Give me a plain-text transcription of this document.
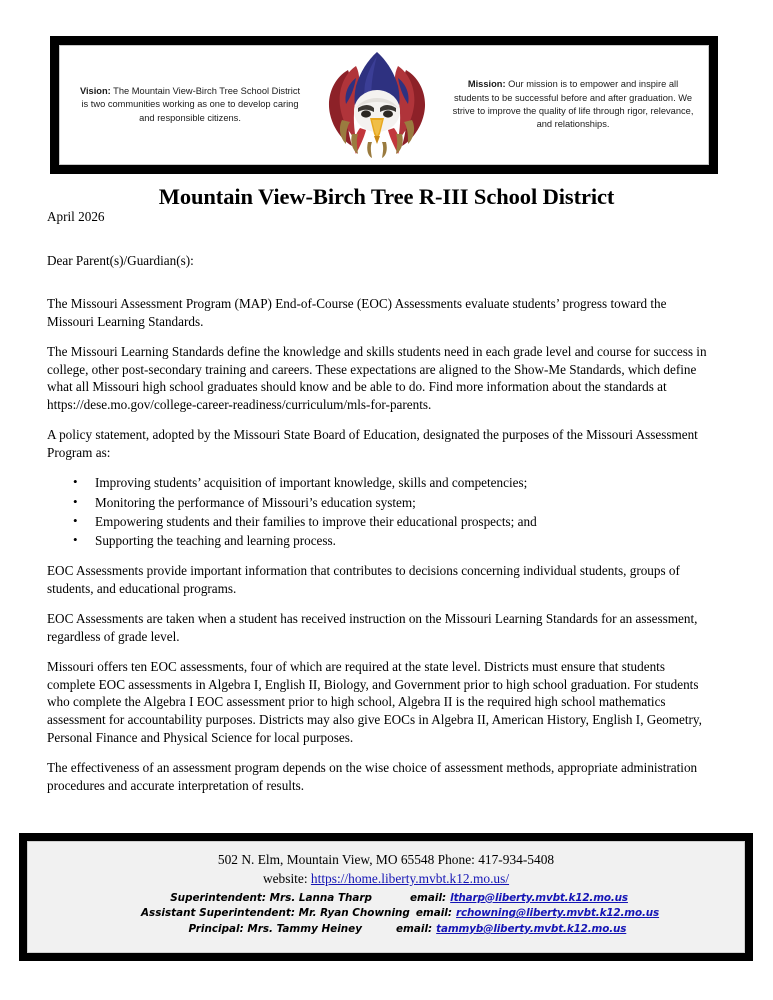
Vision: The Mountain View-Birch Tree School District is two communities working as one to develop caring and responsible citizens.
Mission: Our mission is to empower and inspire all students to be successful before and after graduation. We strive to improve the quality of life through rigor, relevance, and relationships.
Mountain View-Birch Tree R-III School District

April 2026

Dear Parent(s)/Guardian(s):

The Missouri Assessment Program (MAP) End-of-Course (EOC) Assessments evaluate students’ progress toward the Missouri Learning Standards.

The Missouri Learning Standards define the knowledge and skills students need in each grade level and course for success in college, other post-secondary training and careers. These expectations are aligned to the Show-Me Standards, which define what all Missouri high school graduates should know and be able to do. Find more information about the standards at https://dese.mo.gov/college-career-readiness/curriculum/mls-for-parents.

A policy statement, adopted by the Missouri State Board of Education, designated the purposes of the Missouri Assessment Program as:

• Improving students’ acquisition of important knowledge, skills and competencies;
• Monitoring the performance of Missouri’s education system;
• Empowering students and their families to improve their educational prospects; and
• Supporting the teaching and learning process.

EOC Assessments provide important information that contributes to decisions concerning individual students, groups of students, and educational programs.

EOC Assessments are taken when a student has received instruction on the Missouri Learning Standards for an assessment, regardless of grade level.

Missouri offers ten EOC assessments, four of which are required at the state level. Districts must ensure that students complete EOC assessments in Algebra I, English II, Biology, and Government prior to high school graduation. For students who complete the Algebra I EOC assessment prior to high school, Algebra II is the required high school mathematics assessment for accountability purposes. Districts may also give EOCs in Algebra II, American History, English I, Geometry, Personal Finance and Physical Science for local purposes.

The effectiveness of an assessment program depends on the wise choice of assessment methods, appropriate administration procedures and accurate interpretation of results.

502 N. Elm, Mountain View, MO 65548 Phone: 417-934-5408
website: https://home.liberty.mvbt.k12.mo.us/
Superintendent: Mrs. Lanna Tharp	email: ltharp@liberty.mvbt.k12.mo.us
Assistant Superintendent: Mr. Ryan Chowning email: rchowning@liberty.mvbt.k12.mo.us
Principal: Mrs. Tammy Heiney	email: tammyb@liberty.mvbt.k12.mo.us
